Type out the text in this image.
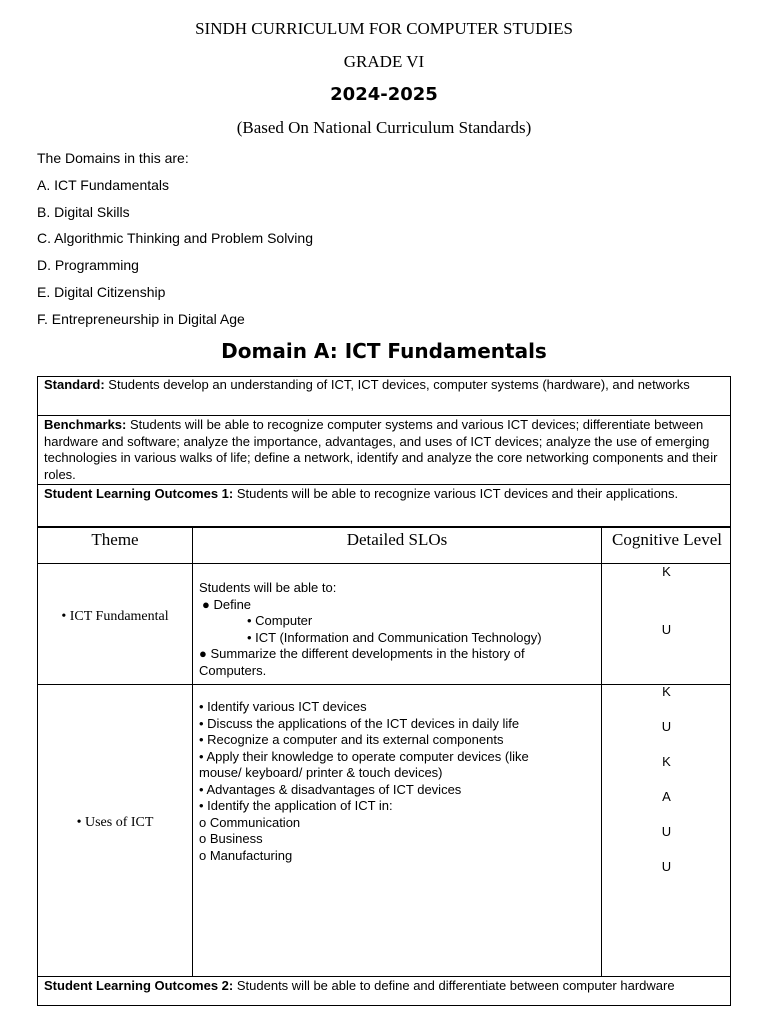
SINDH CURRICULUM FOR COMPUTER STUDIES
GRADE VI
2024-2025
(Based On National Curriculum Standards)
The Domains in this are:
A. ICT Fundamentals
B. Digital Skills
C. Algorithmic Thinking and Problem Solving
D. Programming
E. Digital Citizenship
F. Entrepreneurship in Digital Age
Domain A: ICT Fundamentals
Standard: Students develop an understanding of ICT, ICT devices, computer systems (hardware), and networks
Benchmarks: Students will be able to recognize computer systems and various ICT devices; differentiate between hardware and software; analyze the importance, advantages, and uses of ICT devices; analyze the use of emerging technologies in various walks of life; define a network, identify and analyze the core networking components and their roles.
Student Learning Outcomes 1: Students will be able to recognize various ICT devices and their applications.
Theme	Detailed SLOs	Cognitive Level
• ICT Fundamental
Students will be able to:
● Define
• Computer
• ICT (Information and Communication Technology)
● Summarize the different developments in the history of
Computers.
K
U
• Uses of ICT
• Identify various ICT devices
• Discuss the applications of the ICT devices in daily life
• Recognize a computer and its external components
• Apply their knowledge to operate computer devices (like
mouse/ keyboard/ printer & touch devices)
• Advantages & disadvantages of ICT devices
• Identify the application of ICT in:
o Communication
o Business
o Manufacturing
K
U
K
A
U
U
Student Learning Outcomes 2: Students will be able to define and differentiate between computer hardware
